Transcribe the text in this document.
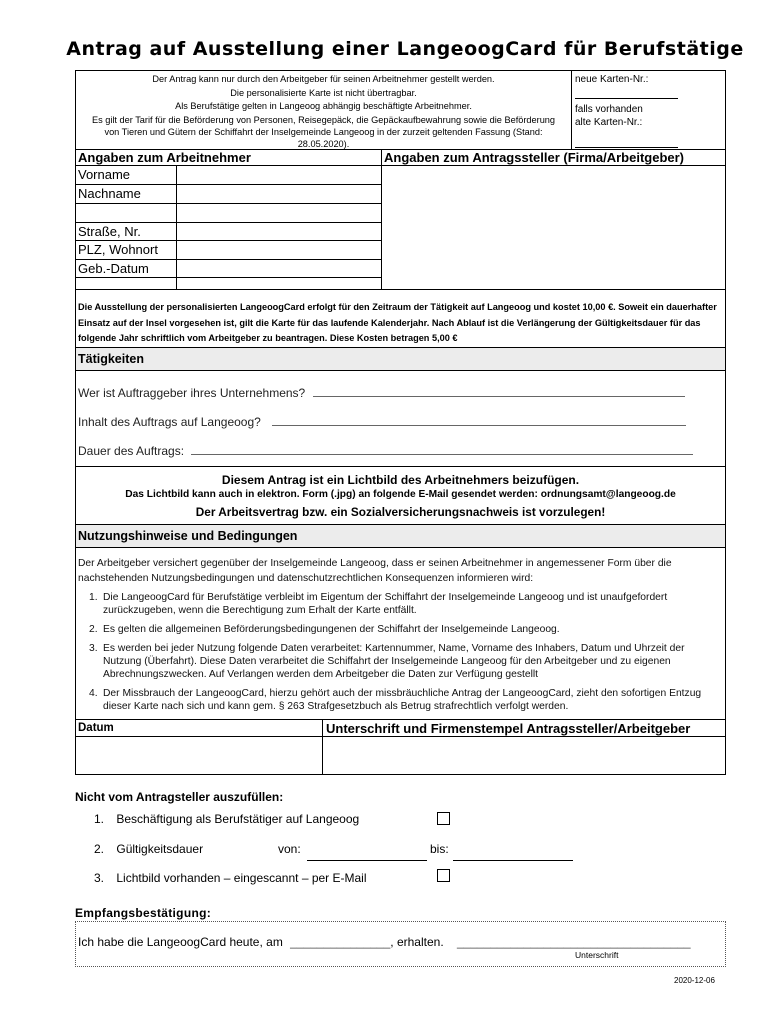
Antrag auf Ausstellung einer LangeoogCard für Berufstätige
Der Antrag kann nur durch den Arbeitgeber für seinen Arbeitnehmer gestellt werden.
Die personalisierte Karte ist nicht übertragbar.
Als Berufstätige gelten in Langeoog abhängig beschäftigte Arbeitnehmer.
Es gilt der Tarif für die Beförderung von Personen, Reisegepäck, die Gepäckaufbewahrung sowie die Beförderung von Tieren und Gütern der Schiffahrt der Inselgemeinde Langeoog in der zurzeit geltenden Fassung (Stand: 28.05.2020).
neue Karten-Nr.:
falls vorhanden
alte Karten-Nr.:
Angaben zum Arbeitnehmer	Angaben zum Antragssteller (Firma/Arbeitgeber)
Vorname
Nachname
Straße, Nr.
PLZ, Wohnort
Geb.-Datum
Die Ausstellung der personalisierten LangeoogCard erfolgt für den Zeitraum der Tätigkeit auf Langeoog und kostet 10,00 €. Soweit ein dauerhafter Einsatz auf der Insel vorgesehen ist, gilt die Karte für das laufende Kalenderjahr. Nach Ablauf ist die Verlängerung der Gültigkeitsdauer für das folgende Jahr schriftlich vom Arbeitgeber zu beantragen. Diese Kosten betragen 5,00 €
Tätigkeiten
Wer ist Auftraggeber ihres Unternehmens?
Inhalt des Auftrags auf Langeoog?
Dauer des Auftrags:
Diesem Antrag ist ein Lichtbild des Arbeitnehmers beizufügen.
Das Lichtbild kann auch in elektron. Form (.jpg) an folgende E-Mail gesendet werden: ordnungsamt@langeoog.de
Der Arbeitsvertrag bzw. ein Sozialversicherungsnachweis ist vorzulegen!
Nutzungshinweise und Bedingungen
Der Arbeitgeber versichert gegenüber der Inselgemeinde Langeoog, dass er seinen Arbeitnehmer in angemessener Form über die nachstehenden Nutzungsbedingungen und datenschutzrechtlichen Konsequenzen informieren wird:
1. Die LangeoogCard für Berufstätige verbleibt im Eigentum der Schiffahrt der Inselgemeinde Langeoog und ist unaufgefordert zurückzugeben, wenn die Berechtigung zum Erhalt der Karte entfällt.
2. Es gelten die allgemeinen Beförderungsbedingungenen der Schiffahrt der Inselgemeinde Langeoog.
3. Es werden bei jeder Nutzung folgende Daten verarbeitet: Kartennummer, Name, Vorname des Inhabers, Datum und Uhrzeit der Nutzung (Überfahrt). Diese Daten verarbeitet die Schiffahrt der Inselgemeinde Langeoog für den Arbeitgeber und zu eigenen Abrechnungszwecken. Auf Verlangen werden dem Arbeitgeber die Daten zur Verfügung gestellt
4. Der Missbrauch der LangeoogCard, hierzu gehört auch der missbräuchliche Antrag der LangeoogCard, zieht den sofortigen Entzug dieser Karte nach sich und kann gem. § 263 Strafgesetzbuch als Betrug strafrechtlich verfolgt werden.
Datum	Unterschrift und Firmenstempel Antragssteller/Arbeitgeber
Nicht vom Antragsteller auszufüllen:
1. Beschäftigung als Berufstätiger auf Langeoog
2. Gültigkeitsdauer	von:	bis:
3. Lichtbild vorhanden – eingescannt – per E-Mail
Empfangsbestätigung:
Ich habe die LangeoogCard heute, am _______________, erhalten. ___________________________________
Unterschrift
2020-12-06
